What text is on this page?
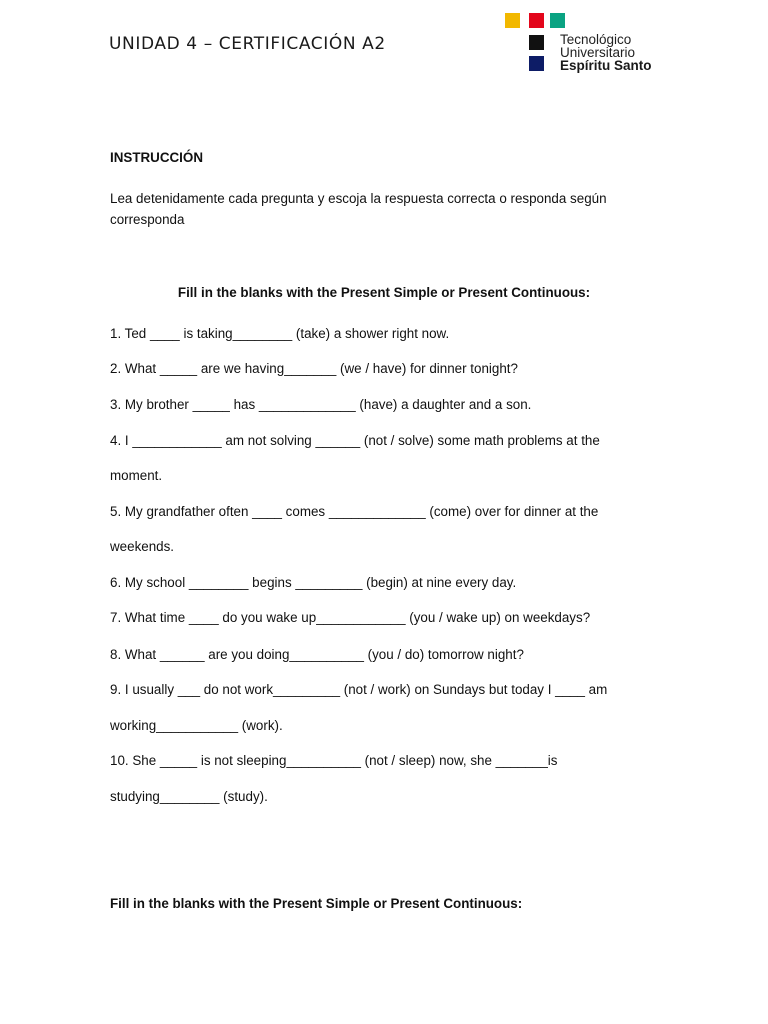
UNIDAD 4 – CERTIFICACIÓN A2	Tecnológico
Universitario
Espíritu Santo
INSTRUCCIÓN
Lea detenidamente cada pregunta y escoja la respuesta correcta o responda según
corresponda
Fill in the blanks with the Present Simple or Present Continuous:
1. Ted ____ is taking________ (take) a shower right now.
2. What _____ are we having_______ (we / have) for dinner tonight?
3. My brother _____ has _____________ (have) a daughter and a son.
4. I ____________ am not solving ______ (not / solve) some math problems at the
moment.
5. My grandfather often ____ comes _____________ (come) over for dinner at the
weekends.
6. My school ________ begins _________ (begin) at nine every day.
7. What time ____ do you wake up____________ (you / wake up) on weekdays?
8. What ______ are you doing__________ (you / do) tomorrow night?
9. I usually ___ do not work_________ (not / work) on Sundays but today I ____ am
working___________ (work).
10. She _____ is not sleeping__________ (not / sleep) now, she _______is
studying________ (study).
Fill in the blanks with the Present Simple or Present Continuous:
